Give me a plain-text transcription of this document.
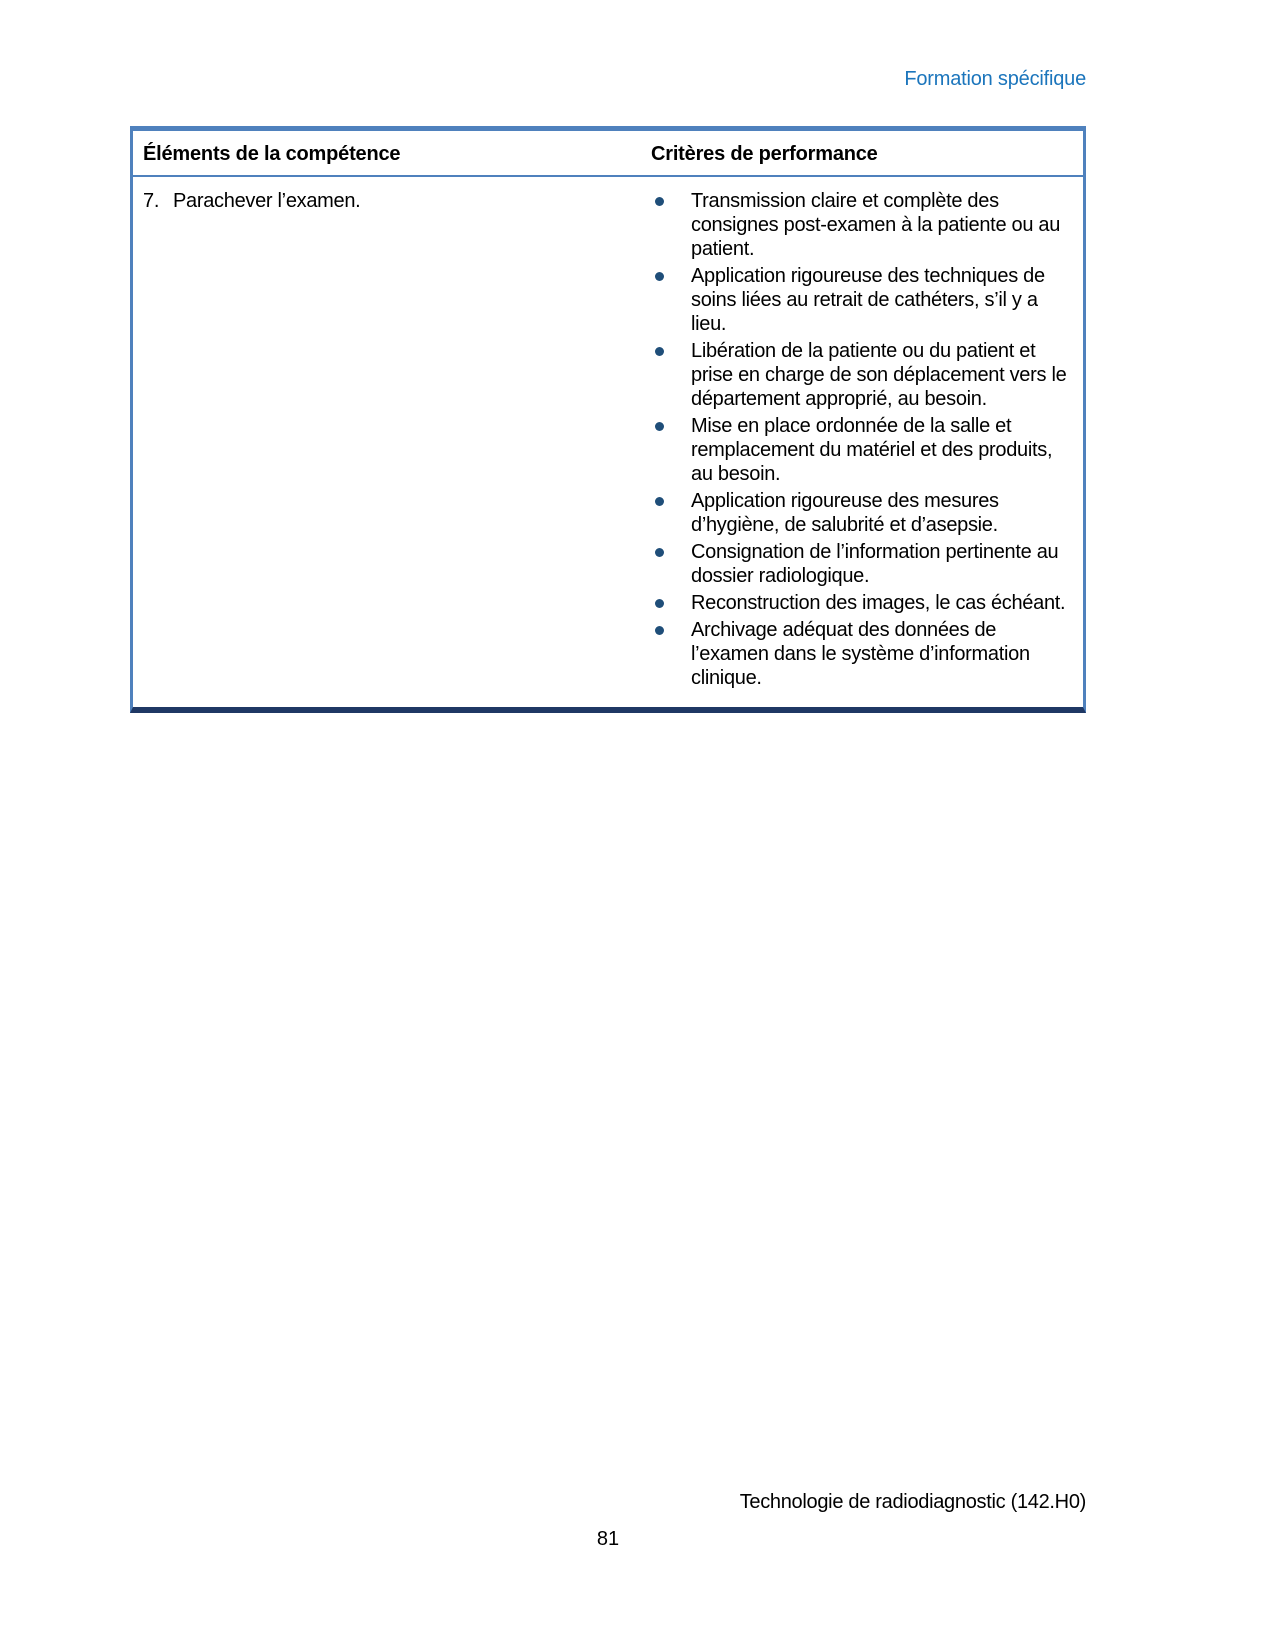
Formation spécifique
Éléments de la compétence	Critères de performance
7. Parachever l’examen.	Transmission claire et complète des consignes post-examen à la patiente ou au patient.
Application rigoureuse des techniques de soins liées au retrait de cathéters, s’il y a lieu.
Libération de la patiente ou du patient et prise en charge de son déplacement vers le département approprié, au besoin.
Mise en place ordonnée de la salle et remplacement du matériel et des produits, au besoin.
Application rigoureuse des mesures d’hygiène, de salubrité et d’asepsie.
Consignation de l’information pertinente au dossier radiologique.
Reconstruction des images, le cas échéant.
Archivage adéquat des données de l’examen dans le système d’information clinique.
Technologie de radiodiagnostic (142.H0)
81
